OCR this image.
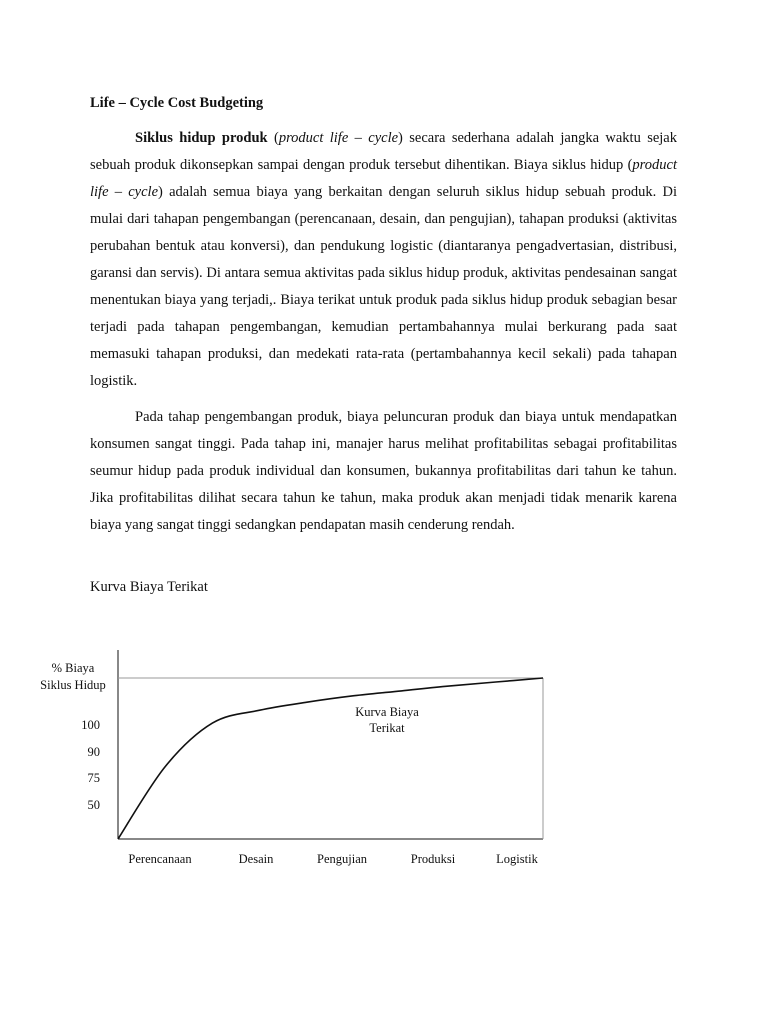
Life – Cycle Cost Budgeting

Siklus hidup produk (product life – cycle) secara sederhana adalah jangka waktu sejak sebuah produk dikonsepkan sampai dengan produk tersebut dihentikan. Biaya siklus hidup (product life – cycle) adalah semua biaya yang berkaitan dengan seluruh siklus hidup sebuah produk. Di mulai dari tahapan pengembangan (perencanaan, desain, dan pengujian), tahapan produksi (aktivitas perubahan bentuk atau konversi), dan pendukung logistic (diantaranya pengadvertasian, distribusi, garansi dan servis). Di antara semua aktivitas pada siklus hidup produk, aktivitas pendesainan sangat menentukan biaya yang terjadi,. Biaya terikat untuk produk pada siklus hidup produk sebagian besar terjadi pada tahapan pengembangan, kemudian pertambahannya mulai berkurang pada saat memasuki tahapan produksi, dan medekati rata-rata (pertambahannya kecil sekali) pada tahapan logistik.

Pada tahap pengembangan produk, biaya peluncuran produk dan biaya untuk mendapatkan konsumen sangat tinggi. Pada tahap ini, manajer harus melihat profitabilitas sebagai profitabilitas seumur hidup pada produk individual dan konsumen, bukannya profitabilitas dari tahun ke tahun. Jika profitabilitas dilihat secara tahun ke tahun, maka produk akan menjadi tidak menarik karena biaya yang sangat tinggi sedangkan pendapatan masih cenderung rendah.

Kurva Biaya Terikat

% Biaya
Siklus Hidup
100
90
75
50
Kurva Biaya
Terikat
Perencanaan	Desain	Pengujian	Produksi	Logistik
